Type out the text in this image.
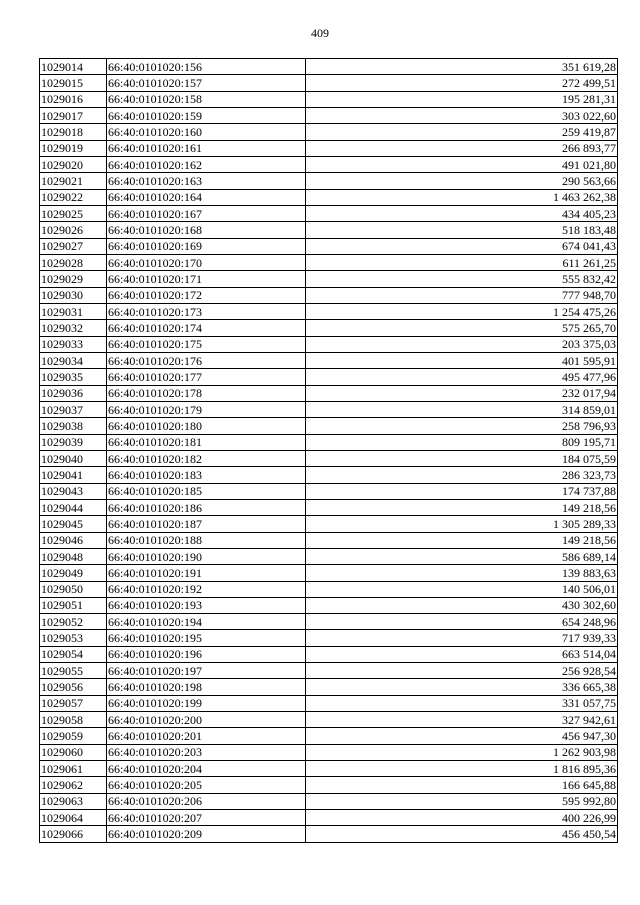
409
1029014	66:40:0101020:156	351 619,28
1029015	66:40:0101020:157	272 499,51
1029016	66:40:0101020:158	195 281,31
1029017	66:40:0101020:159	303 022,60
1029018	66:40:0101020:160	259 419,87
1029019	66:40:0101020:161	266 893,77
1029020	66:40:0101020:162	491 021,80
1029021	66:40:0101020:163	290 563,66
1029022	66:40:0101020:164	1 463 262,38
1029025	66:40:0101020:167	434 405,23
1029026	66:40:0101020:168	518 183,48
1029027	66:40:0101020:169	674 041,43
1029028	66:40:0101020:170	611 261,25
1029029	66:40:0101020:171	555 832,42
1029030	66:40:0101020:172	777 948,70
1029031	66:40:0101020:173	1 254 475,26
1029032	66:40:0101020:174	575 265,70
1029033	66:40:0101020:175	203 375,03
1029034	66:40:0101020:176	401 595,91
1029035	66:40:0101020:177	495 477,96
1029036	66:40:0101020:178	232 017,94
1029037	66:40:0101020:179	314 859,01
1029038	66:40:0101020:180	258 796,93
1029039	66:40:0101020:181	809 195,71
1029040	66:40:0101020:182	184 075,59
1029041	66:40:0101020:183	286 323,73
1029043	66:40:0101020:185	174 737,88
1029044	66:40:0101020:186	149 218,56
1029045	66:40:0101020:187	1 305 289,33
1029046	66:40:0101020:188	149 218,56
1029048	66:40:0101020:190	586 689,14
1029049	66:40:0101020:191	139 883,63
1029050	66:40:0101020:192	140 506,01
1029051	66:40:0101020:193	430 302,60
1029052	66:40:0101020:194	654 248,96
1029053	66:40:0101020:195	717 939,33
1029054	66:40:0101020:196	663 514,04
1029055	66:40:0101020:197	256 928,54
1029056	66:40:0101020:198	336 665,38
1029057	66:40:0101020:199	331 057,75
1029058	66:40:0101020:200	327 942,61
1029059	66:40:0101020:201	456 947,30
1029060	66:40:0101020:203	1 262 903,98
1029061	66:40:0101020:204	1 816 895,36
1029062	66:40:0101020:205	166 645,88
1029063	66:40:0101020:206	595 992,80
1029064	66:40:0101020:207	400 226,99
1029066	66:40:0101020:209	456 450,54
